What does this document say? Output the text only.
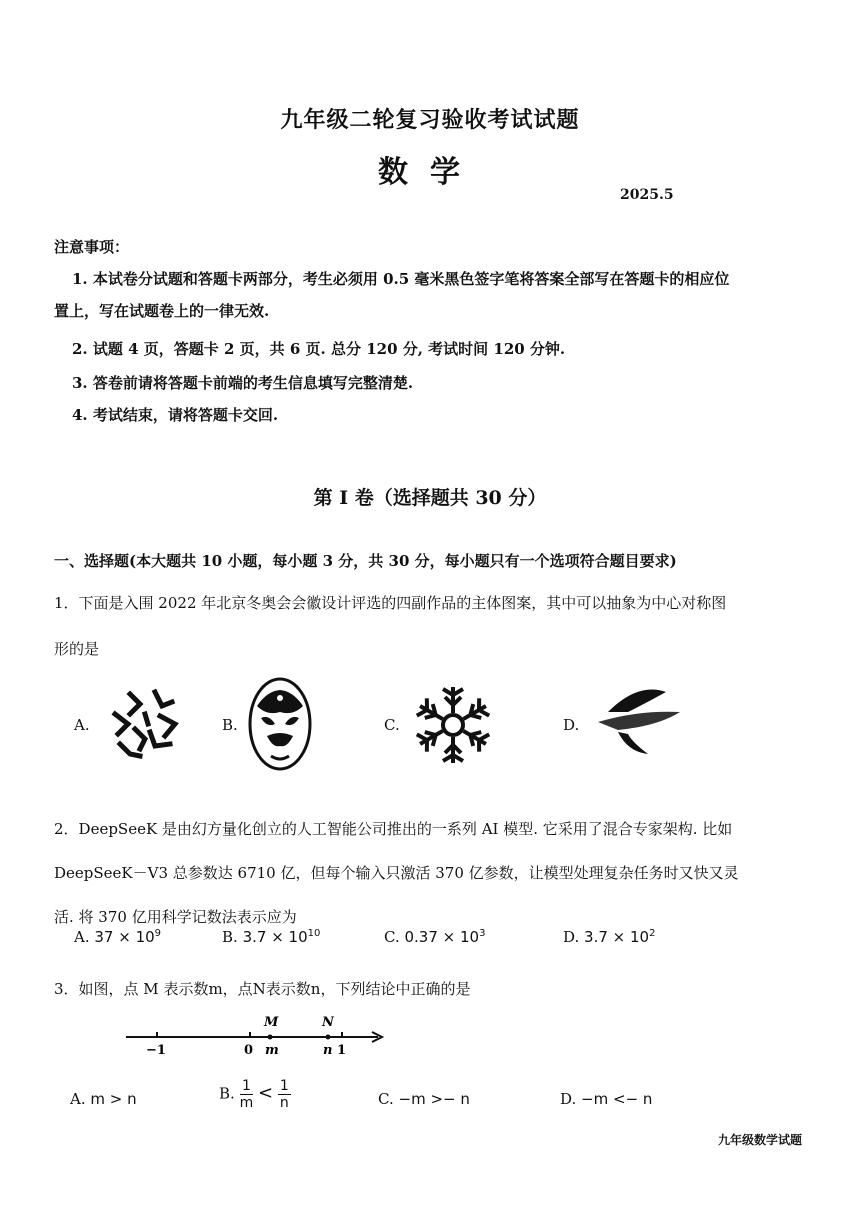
九年级二轮复习验收考试试题
数学
2025.5
注意事项：
1. 本试卷分试题和答题卡两部分，考生必须用 0.5 毫米黑色签字笔将答案全部写在答题卡的相应位
置上，写在试题卷上的一律无效.
2. 试题 4 页，答题卡 2 页，共 6 页. 总分 120 分, 考试时间 120 分钟.
3. 答卷前请将答题卡前端的考生信息填写完整清楚.
4. 考试结束，请将答题卡交回.
第 I 卷（选择题共 30 分）
一、选择题(本大题共 10 小题，每小题 3 分，共 30 分，每小题只有一个选项符合题目要求)
1．下面是入围 2022 年北京冬奥会会徽设计评选的四副作品的主体图案，其中可以抽象为中心对称图
形的是
A.	B.	C.	D.
2．DeepSeeK 是由幻方量化创立的人工智能公司推出的一系列 AI 模型. 它采用了混合专家架构. 比如
DeepSeeK－V3 总参数达 6710 亿，但每个输入只激活 370 亿参数，让模型处理复杂任务时又快又灵
活. 将 370 亿用科学记数法表示应为
A. $37 \times 10^9$	B. $3.7 \times 10^{10}$	C. $0.37 \times 10^3$	D. $3.7 \times 10^2$
3．如图，点 M 表示数m，点N表示数n，下列结论中正确的是
−1	0	1
M
m
N
n
A. m > n	B. $\frac{1}{m} < \frac{1}{n}$	C. −m >− n	D. −m <− n
九年级数学试题
